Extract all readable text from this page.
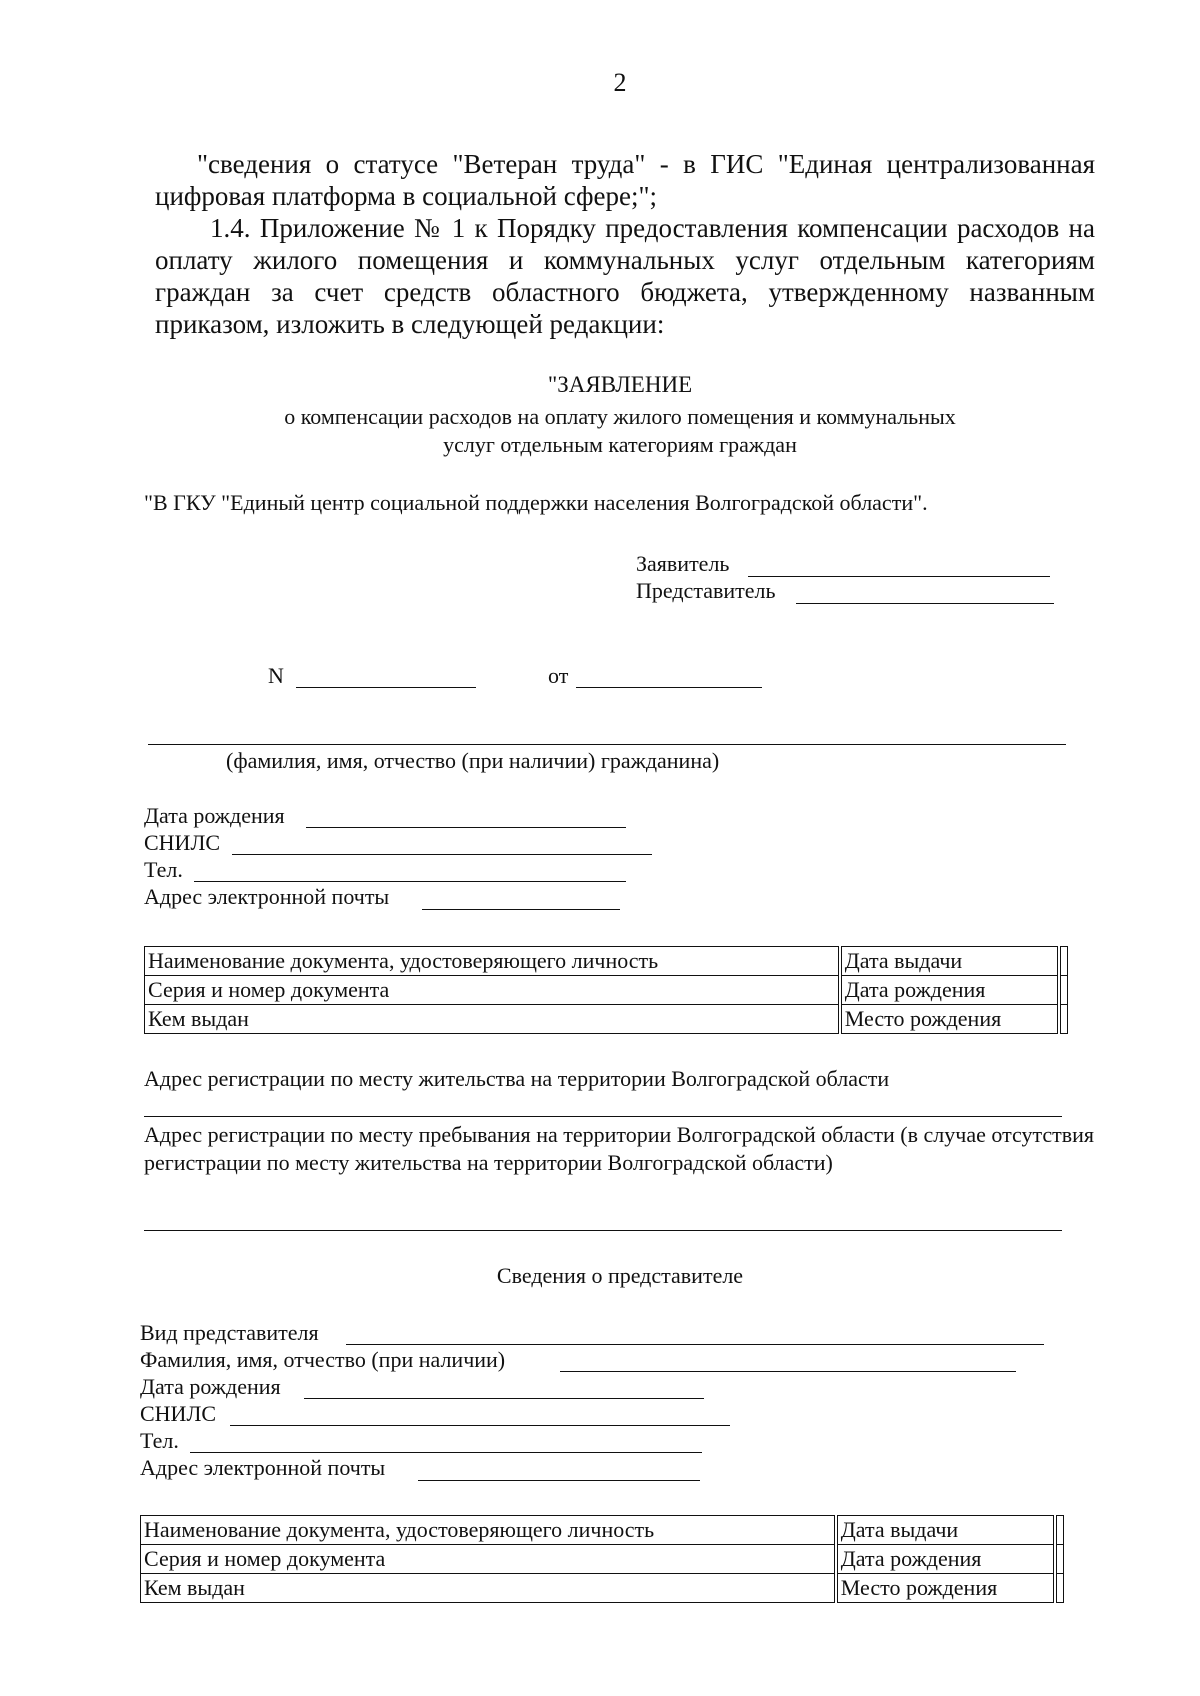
2
"сведения о статусе "Ветеран труда" - в ГИС "Единая централизованная цифровая платформа в социальной сфере;";
1.4. Приложение № 1 к Порядку предоставления компенсации расходов на оплату жилого помещения и коммунальных услуг отдельным категориям граждан за счет средств областного бюджета, утвержденному названным приказом, изложить в следующей редакции:
"ЗАЯВЛЕНИЕ
о компенсации расходов на оплату жилого помещения и коммунальных
услуг отдельным категориям граждан
"В ГКУ "Единый центр социальной поддержки населения Волгоградской области".
Заявитель
Представитель
N	от
(фамилия, имя, отчество (при наличии) гражданина)
Дата рождения
СНИЛС
Тел.
Адрес электронной почты
Наименование документа, удостоверяющего личность	Дата выдачи	
Серия и номер документа	Дата рождения	
Кем выдан	Место рождения	
Адрес регистрации по месту жительства на территории Волгоградской области
Адрес регистрации по месту пребывания на территории Волгоградской области (в случае отсутствия регистрации по месту жительства на территории Волгоградской области)
Сведения о представителе
Вид представителя
Фамилия, имя, отчество (при наличии)
Дата рождения
СНИЛС
Тел.
Адрес электронной почты
Наименование документа, удостоверяющего личность	Дата выдачи	
Серия и номер документа	Дата рождения	
Кем выдан	Место рождения	
